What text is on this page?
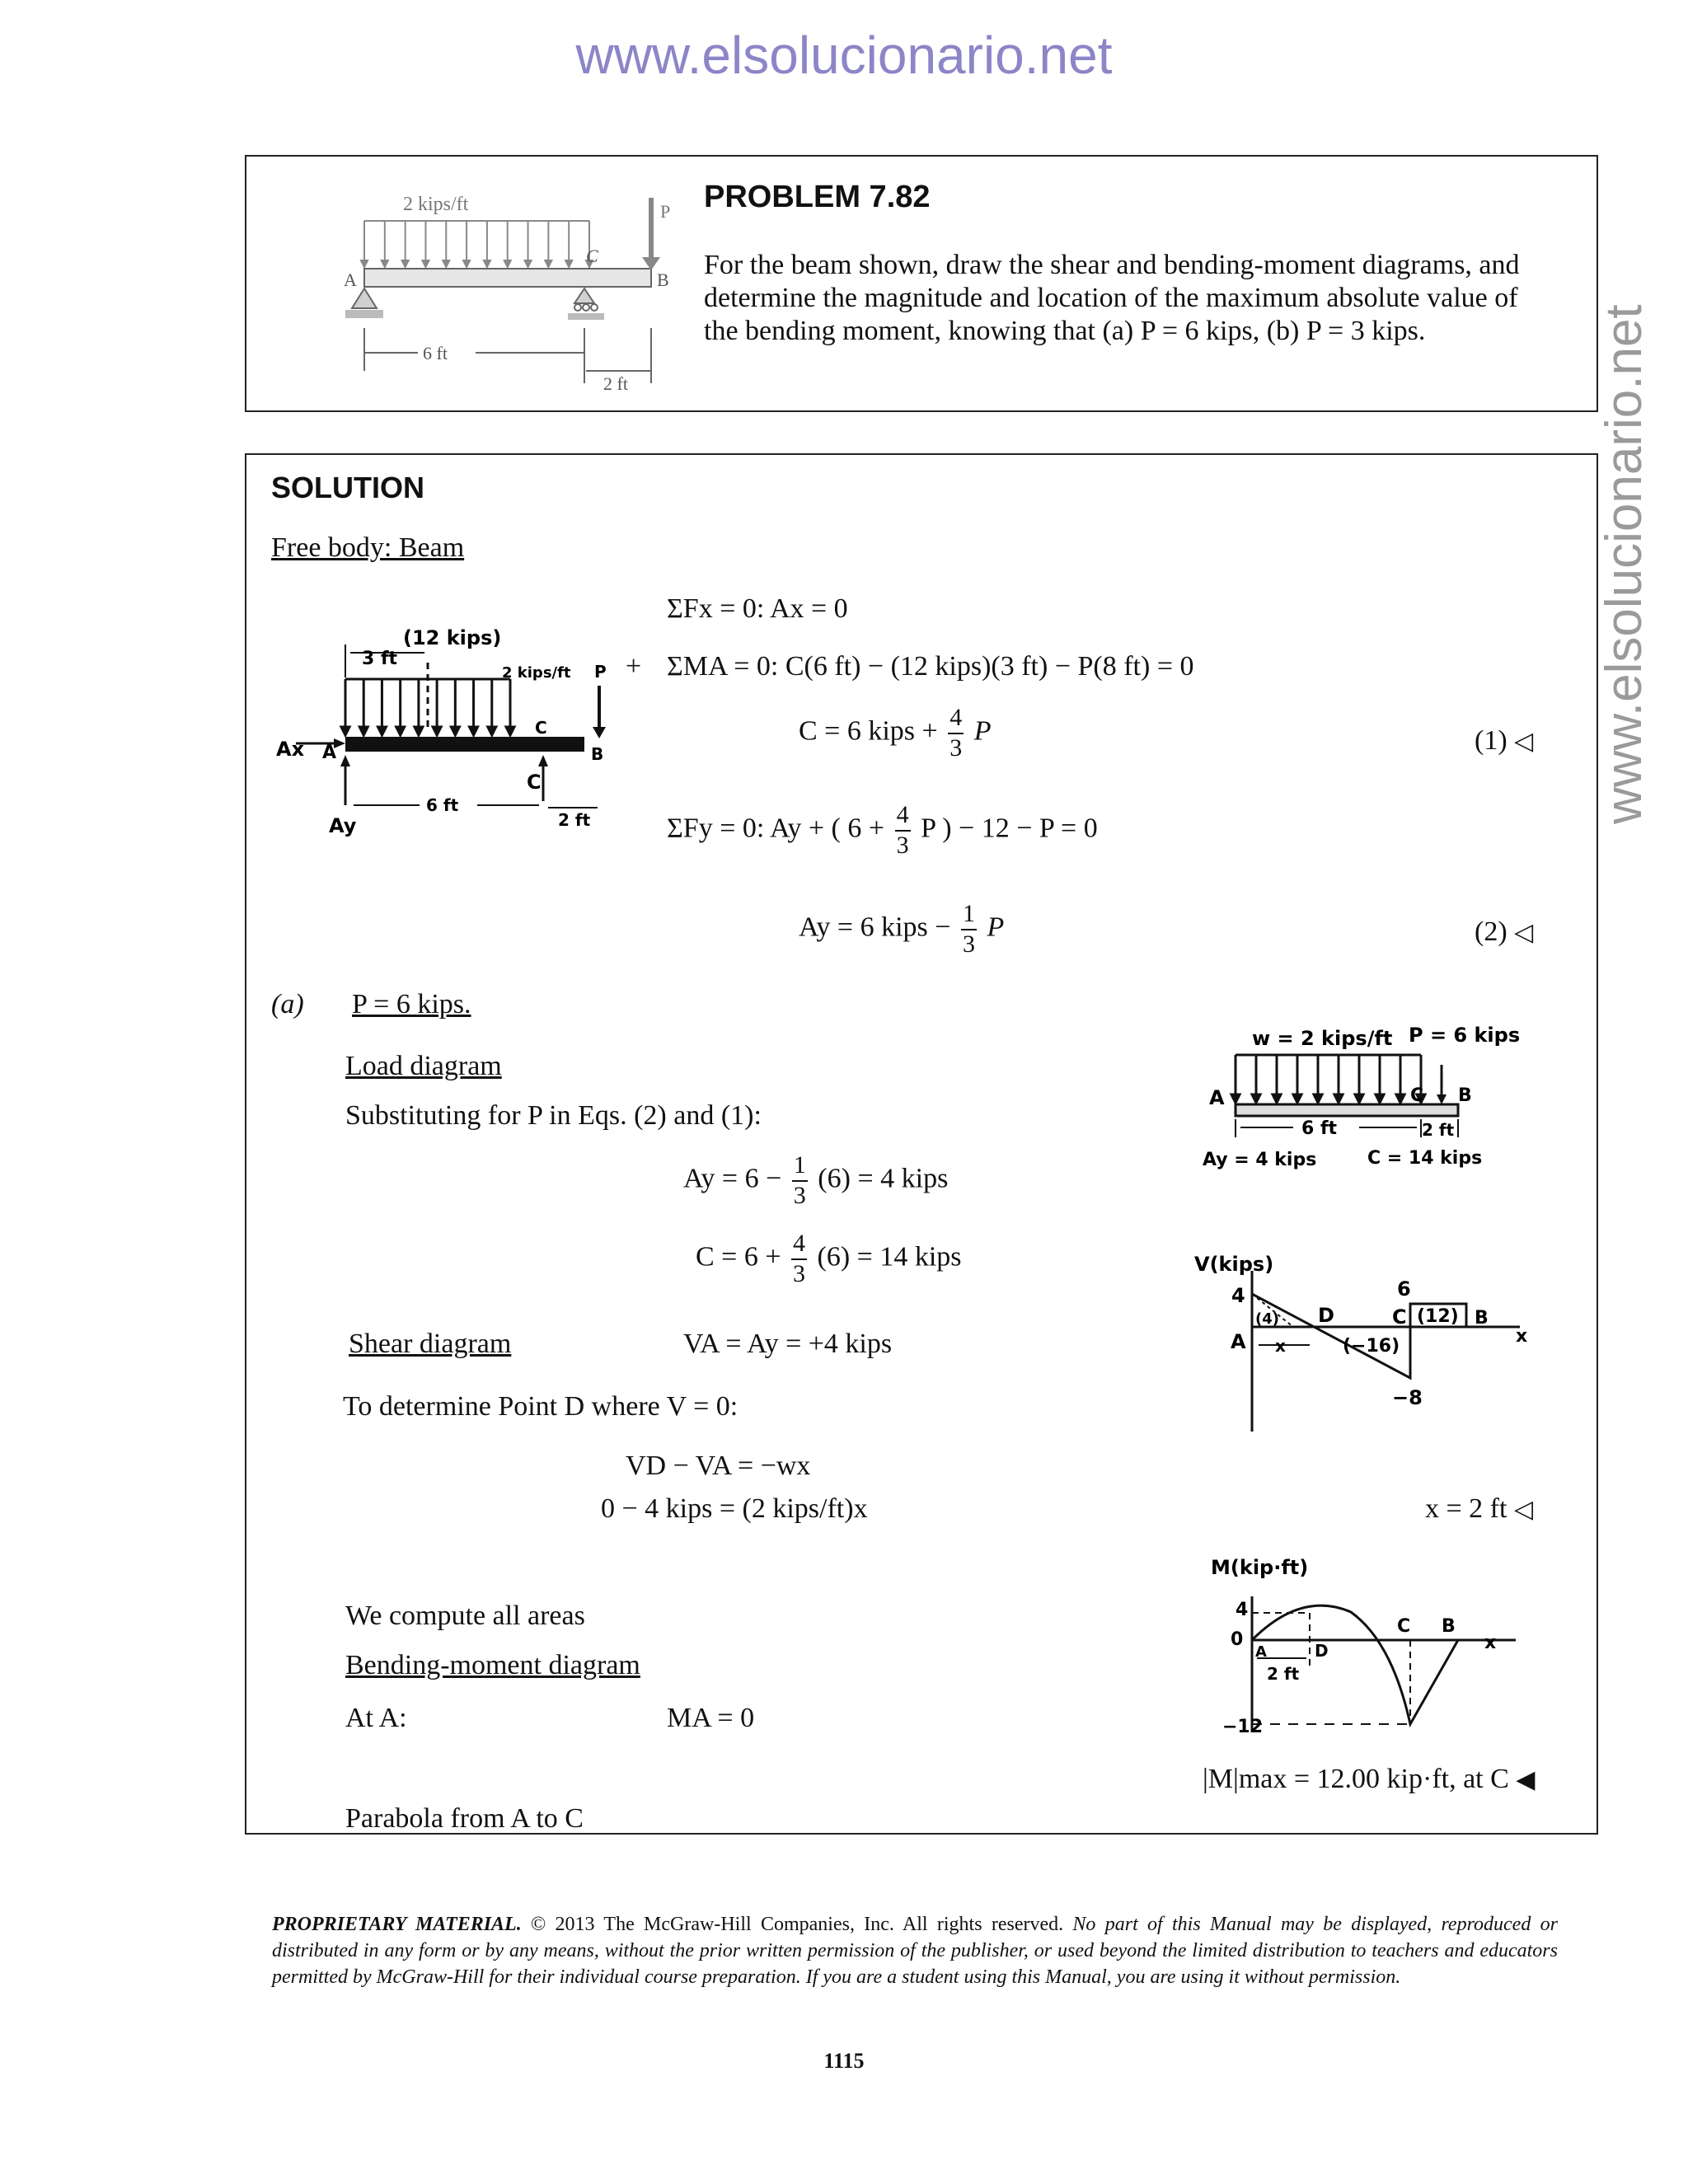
www.elsolucionario.net
www.elsolucionario.net
2 kips/ft	P
C
A	B
6 ft
2 ft
PROBLEM 7.82
For the beam shown, draw the shear and bending-moment diagrams, and
determine the magnitude and location of the maximum absolute value of
the bending moment, knowing that (a) P = 6 kips, (b) P = 3 kips.
SOLUTION
Free body: Beam
(12 kips)
3 ft
2 kips/ft P
C
B
A
Ax
Ay
C
6 ft
2 ft
ΣFx = 0: Ax = 0
+ ΣMA = 0: C(6 ft) − (12 kips)(3 ft) − P(8 ft) = 0
C = 6 kips + $\frac{4}{3}$ P	(1) ◁
ΣFy = 0: Ay + ( $6 + \frac{4}{3}$ P ) − 12 − P = 0
Ay = 6 kips − $\frac{1}{3}$ P	(2) ◁
(a) P = 6 kips.
Load diagram
Substituting for P in Eqs. (2) and (1):
$Ay = 6 - \frac{1}{3} (6) = 4$ kips
$C = 6 + \frac{4}{3} (6) = 14$ kips
Shear diagram	VA = Ay = +4 kips
To determine Point D where V = 0:
VD − VA = −wx
0 − 4 kips = (2 kips/ft)x	x = 2 ft ◁
We compute all areas
Bending-moment diagram
At A:	MA = 0
|M|max = 12.00 kip·ft, at C ◀
Parabola from A to C
w = 2 kips/ft P = 6 kips
A	C B
6 ft	2 ft
Ay = 4 kips	C = 14 kips
V(kips)
4	6
−8
(4)
(−16)
(12)
A
D	C	B
x
x
M(kip·ft)
4
0
−12
A	D
C B
x
2 ft
PROPRIETARY MATERIAL. © 2013 The McGraw-Hill Companies, Inc. All rights reserved. No part of this Manual may be displayed, reproduced or distributed in any form or by any means, without the prior written permission of the publisher, or used beyond the limited distribution to teachers and educators permitted by McGraw-Hill for their individual course preparation. If you are a student using this Manual, you are using it without permission.
1115
